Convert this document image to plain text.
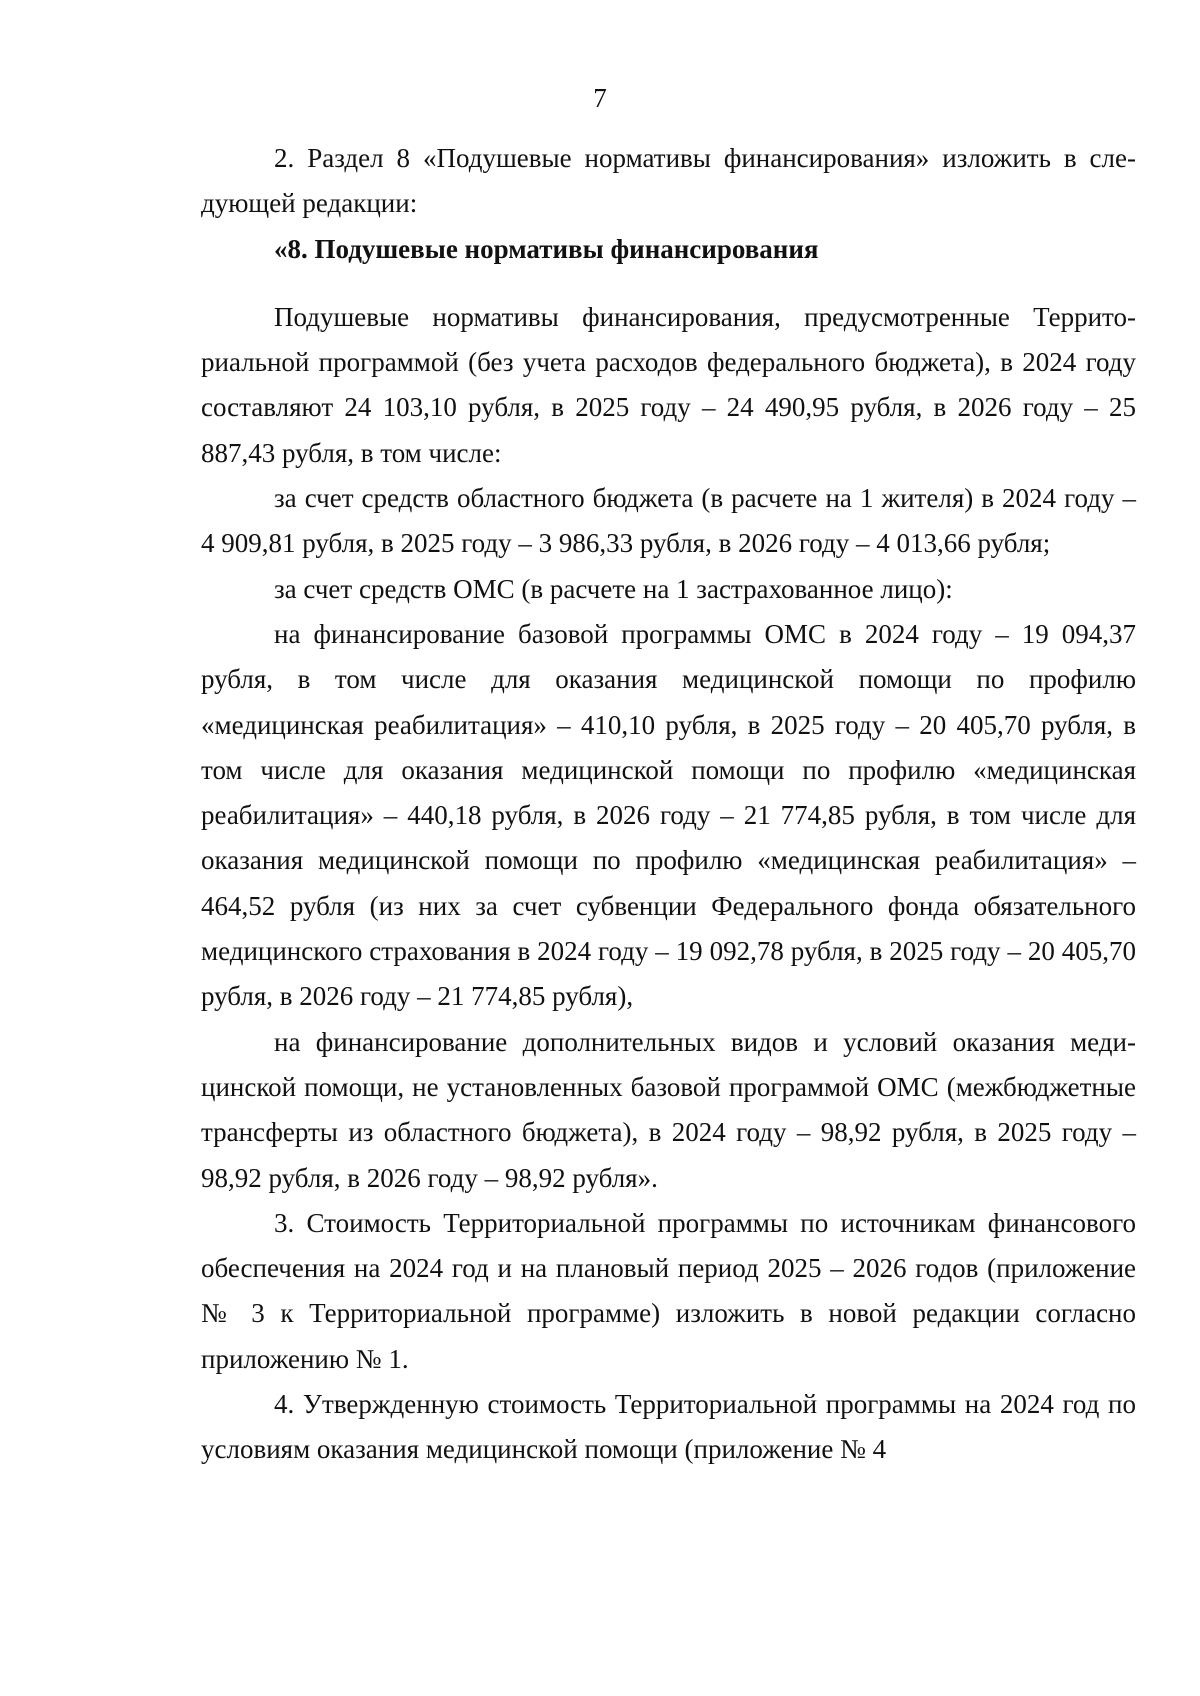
7

2. Раздел 8 «Подушевые нормативы финансирования» изложить в следующей редакции:

«8. Подушевые нормативы финансирования

Подушевые нормативы финансирования, предусмотренные Территориальной программой (без учета расходов федерального бюджета), в 2024 году составляют 24 103,10 рубля, в 2025 году – 24 490,95 рубля, в 2026 году – 25 887,43 рубля, в том числе:

за счет средств областного бюджета (в расчете на 1 жителя) в 2024 году – 4 909,81 рубля, в 2025 году – 3 986,33 рубля, в 2026 году – 4 013,66 рубля;

за счет средств ОМС (в расчете на 1 застрахованное лицо):

на финансирование базовой программы ОМС в 2024 году – 19 094,37 рубля, в том числе для оказания медицинской помощи по профилю «медицинская реабилитация» – 410,10 рубля, в 2025 году – 20 405,70 рубля, в том числе для оказания медицинской помощи по профилю «медицинская реабилитация» – 440,18 рубля, в 2026 году – 21 774,85 рубля, в том числе для оказания медицинской помощи по профилю «медицинская реабилитация» – 464,52 рубля (из них за счет субвенции Федерального фонда обязательного медицинского страхования в 2024 году – 19 092,78 рубля, в 2025 году – 20 405,70 рубля, в 2026 году – 21 774,85 рубля),

на финансирование дополнительных видов и условий оказания медицинской помощи, не установленных базовой программой ОМС (межбюджетные трансферты из областного бюджета), в 2024 году – 98,92 рубля, в 2025 году – 98,92 рубля, в 2026 году – 98,92 рубля».

3. Стоимость Территориальной программы по источникам финансового обеспечения на 2024 год и на плановый период 2025 – 2026 годов (приложение № 3 к Территориальной программе) изложить в новой редакции согласно приложению № 1.

4. Утвержденную стоимость Территориальной программы на 2024 год по условиям оказания медицинской помощи (приложение № 4
